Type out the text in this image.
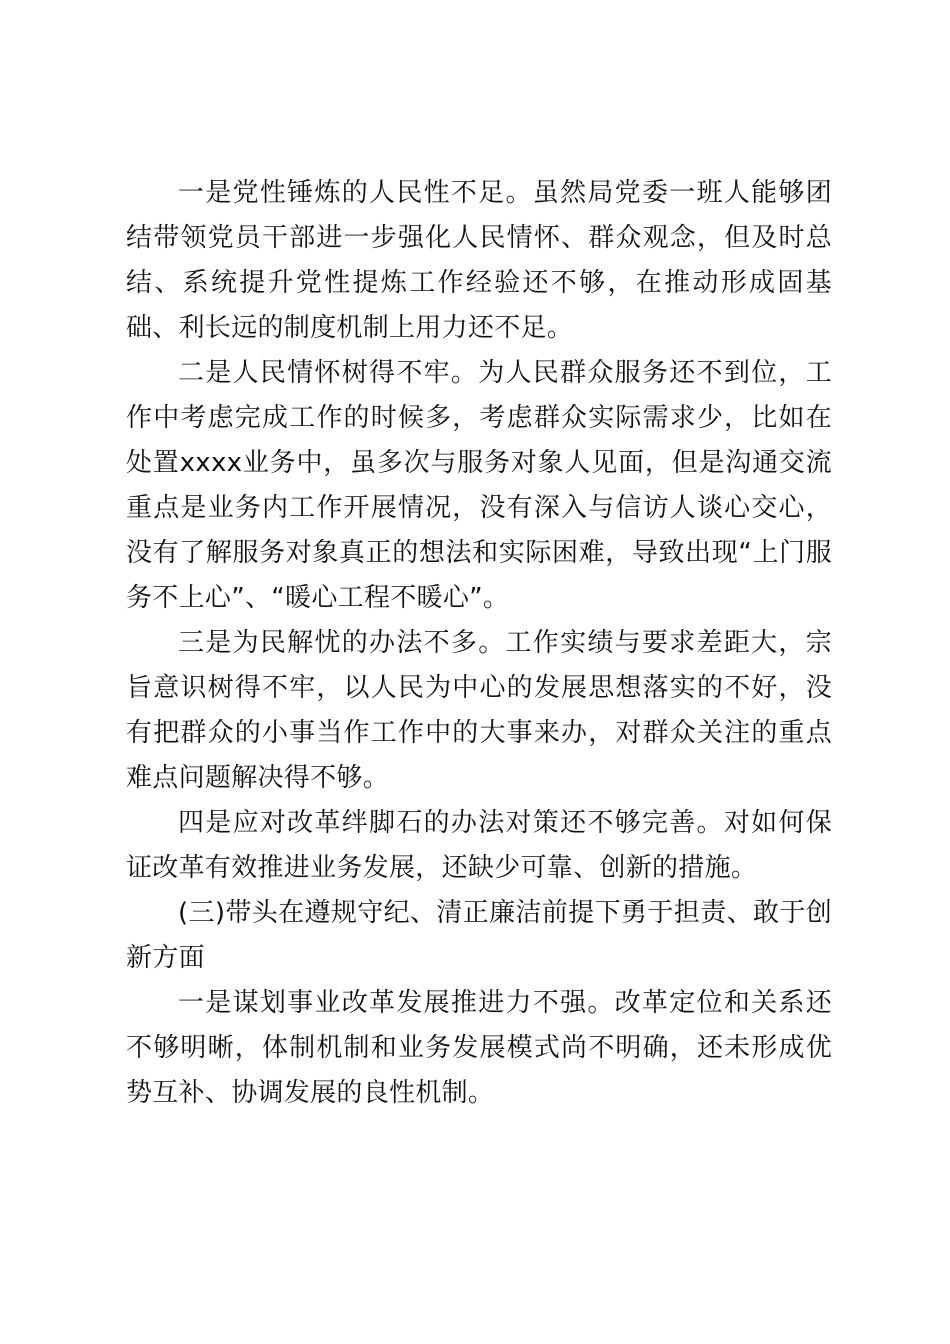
一是党性锤炼的人民性不足。虽然局党委一班人能够团结带领党员干部进一步强化人民情怀、群众观念，但及时总结、系统提升党性提炼工作经验还不够，在推动形成固基础、利长远的制度机制上用力还不足。

二是人民情怀树得不牢。为人民群众服务还不到位，工作中考虑完成工作的时候多，考虑群众实际需求少，比如在处置xxxx业务中，虽多次与服务对象人见面，但是沟通交流重点是业务内工作开展情况，没有深入与信访人谈心交心，没有了解服务对象真正的想法和实际困难，导致出现“上门服务不上心”、“暖心工程不暖心”。

三是为民解忧的办法不多。工作实绩与要求差距大，宗旨意识树得不牢，以人民为中心的发展思想落实的不好，没有把群众的小事当作工作中的大事来办，对群众关注的重点难点问题解决得不够。

四是应对改革绊脚石的办法对策还不够完善。对如何保证改革有效推进业务发展，还缺少可靠、创新的措施。

(三)带头在遵规守纪、清正廉洁前提下勇于担责、敢于创新方面

一是谋划事业改革发展推进力不强。改革定位和关系还不够明晰，体制机制和业务发展模式尚不明确，还未形成优势互补、协调发展的良性机制。
